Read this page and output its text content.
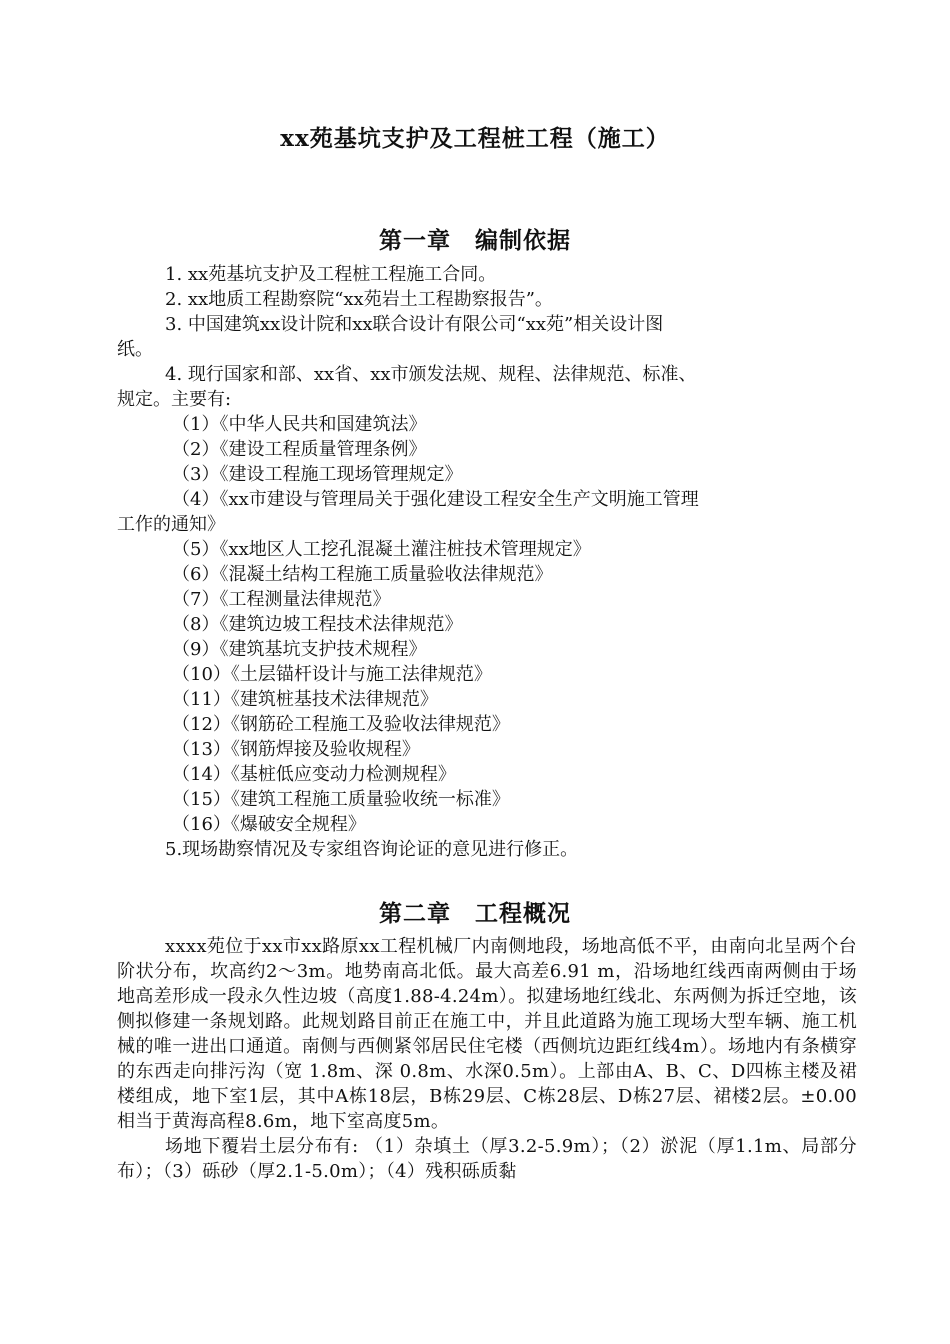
xx苑基坑支护及工程桩工程（施工）
第一章　编制依据
1. xx苑基坑支护及工程桩工程施工合同。
2. xx地质工程勘察院“xx苑岩土工程勘察报告”。
3. 中国建筑xx设计院和xx联合设计有限公司“xx苑”相关设计图
纸。
4. 现行国家和部、xx省、xx市颁发法规、规程、法律规范、标准、
规定。主要有:
（1）《中华人民共和国建筑法》
（2）《建设工程质量管理条例》
（3）《建设工程施工现场管理规定》
（4）《xx市建设与管理局关于强化建设工程安全生产文明施工管理
工作的通知》
（5）《xx地区人工挖孔混凝土灌注桩技术管理规定》
（6）《混凝土结构工程施工质量验收法律规范》
（7）《工程测量法律规范》
（8）《建筑边坡工程技术法律规范》
（9）《建筑基坑支护技术规程》
（10）《土层锚杆设计与施工法律规范》
（11）《建筑桩基技术法律规范》
（12）《钢筋砼工程施工及验收法律规范》
（13）《钢筋焊接及验收规程》
（14）《基桩低应变动力检测规程》
（15）《建筑工程施工质量验收统一标准》
（16）《爆破安全规程》
5.现场勘察情况及专家组咨询论证的意见进行修正。
第二章　工程概况
xxxx苑位于xx市xx路原xx工程机械厂内南侧地段，场地高低不平，由南向北呈两个台阶状分布，坎高约2～3m。地势南高北低。最大高差6.91 m，沿场地红线西南两侧由于场地高差形成一段永久性边坡（高度1.88-4.24m）。拟建场地红线北、东两侧为拆迁空地，该侧拟修建一条规划路。此规划路目前正在施工中，并且此道路为施工现场大型车辆、施工机械的唯一进出口通道。南侧与西侧紧邻居民住宅楼（西侧坑边距红线4m）。场地内有条横穿的东西走向排污沟（宽 1.8m、深 0.8m、水深0.5m）。上部由A、B、C、D四栋主楼及裙楼组成，地下室1层，其中A栋18层，B栋29层、C栋28层、D栋27层、裙楼2层。±0.00相当于黄海高程8.6m，地下室高度5m。
场地下覆岩土层分布有: （1）杂填土（厚3.2-5.9m）；（2）淤泥（厚1.1m、局部分布）；（3）砾砂（厚2.1-5.0m）；（4）残积砾质黏
